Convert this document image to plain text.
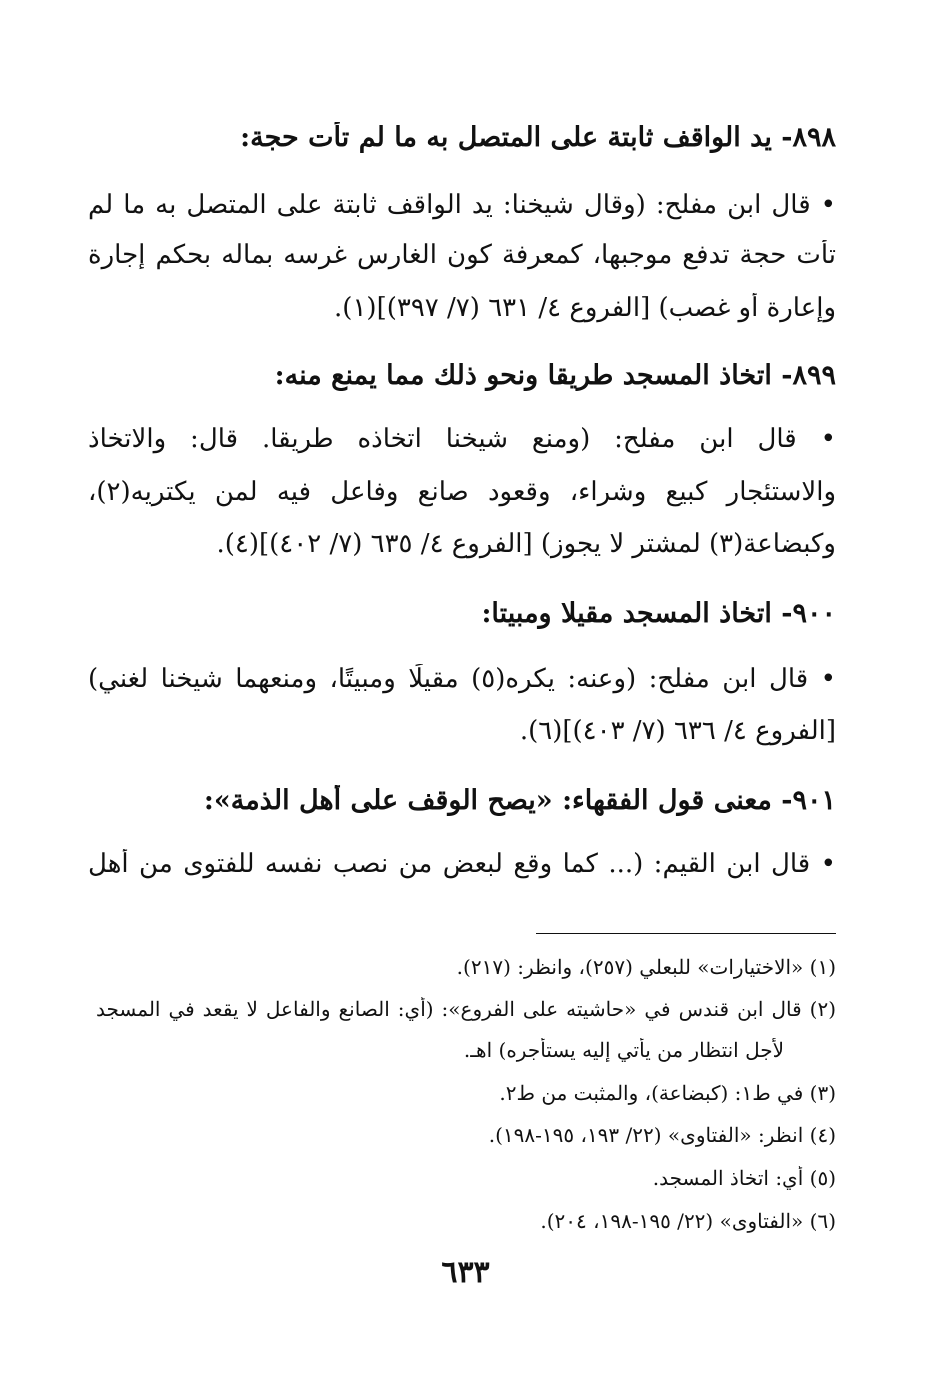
٨٩٨- يد الواقف ثابتة على المتصل به ما لم تأت حجة:
• قال ابن مفلح: (وقال شيخنا: يد الواقف ثابتة على المتصل به ما لم
تأت حجة تدفع موجبها، كمعرفة كون الغارس غرسه بماله بحكم إجارة
وإعارة أو غصب) [الفروع ٤/ ٦٣١ (٧/ ٣٩٧)](١).
٨٩٩- اتخاذ المسجد طريقا ونحو ذلك مما يمنع منه:
• قال ابن مفلح: (ومنع شيخنا اتخاذه طريقا. قال: والاتخاذ
والاستئجار كبيع وشراء، وقعود صانع وفاعل فيه لمن يكتريه(٢)،
وكبضاعة(٣) لمشتر لا يجوز) [الفروع ٤/ ٦٣٥ (٧/ ٤٠٢)](٤).
٩٠٠- اتخاذ المسجد مقيلا ومبيتا:
• قال ابن مفلح: (وعنه: يكره(٥) مقيلًا ومبيتًا، ومنعهما شيخنا لغني)
[الفروع ٤/ ٦٣٦ (٧/ ٤٠٣)](٦).
٩٠١- معنى قول الفقهاء: «يصح الوقف على أهل الذمة»:
• قال ابن القيم: (... كما وقع لبعض من نصب نفسه للفتوى من أهل
(١) «الاختيارات» للبعلي (٢٥٧)، وانظر: (٢١٧).
(٢) قال ابن قندس في «حاشيته على الفروع»: (أي: الصانع والفاعل لا يقعد في المسجد
لأجل انتظار من يأتي إليه يستأجره) اهـ.
(٣) في ط١: (كبضاعة)، والمثبت من ط٢.
(٤) انظر: «الفتاوى» (٢٢/ ١٩٣، ١٩٥-١٩٨).
(٥) أي: اتخاذ المسجد.
(٦) «الفتاوى» (٢٢/ ١٩٥-١٩٨، ٢٠٤).
٦٣٣
